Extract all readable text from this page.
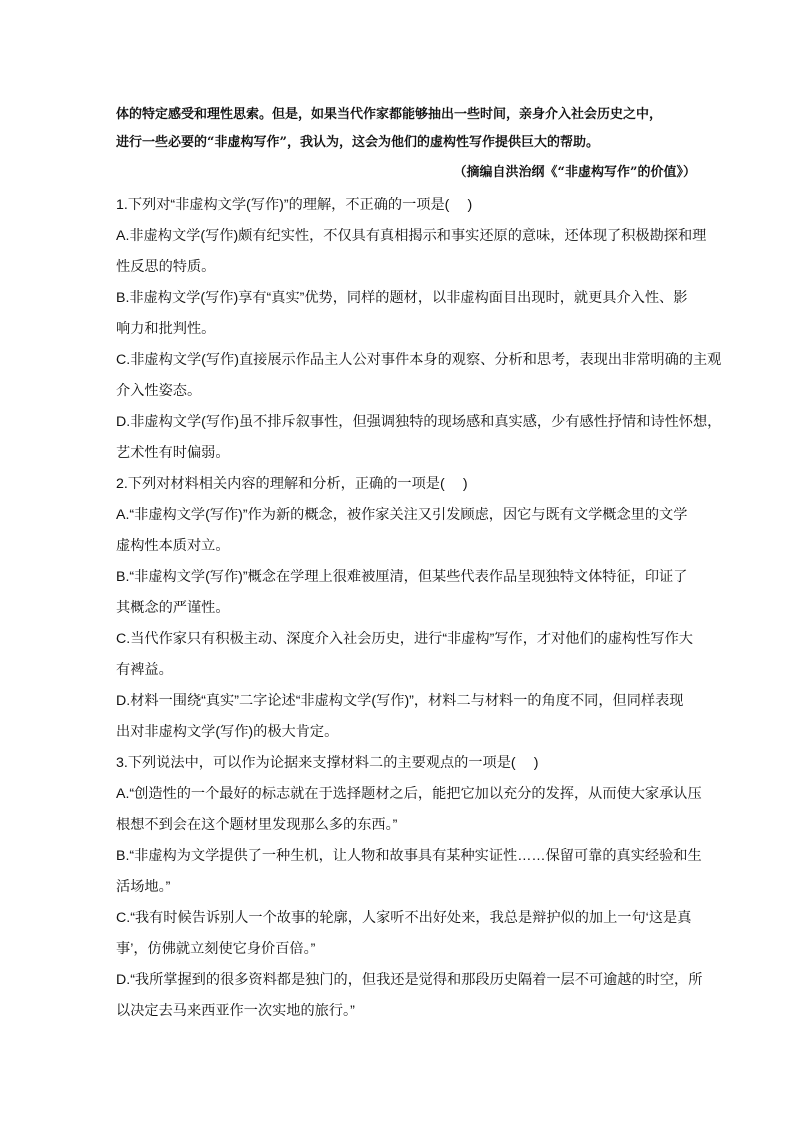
体的特定感受和理性思索。但是，如果当代作家都能够抽出一些时间，亲身介入社会历史之中，
进行一些必要的“非虚构写作”，我认为，这会为他们的虚构性写作提供巨大的帮助。
（摘编自洪治纲《“非虚构写作”的价值》）
1.下列对“非虚构文学(写作)”的理解，不正确的一项是(　 )
A.非虚构文学(写作)颇有纪实性，不仅具有真相揭示和事实还原的意味，还体现了积极勘探和理
性反思的特质。
B.非虚构文学(写作)享有“真实”优势，同样的题材，以非虚构面目出现时，就更具介入性、影
响力和批判性。
C.非虚构文学(写作)直接展示作品主人公对事件本身的观察、分析和思考，表现出非常明确的主观
介入性姿态。
D.非虚构文学(写作)虽不排斥叙事性，但强调独特的现场感和真实感，少有感性抒情和诗性怀想，
艺术性有时偏弱。
2.下列对材料相关内容的理解和分析，正确的一项是(　 )
A.“非虚构文学(写作)”作为新的概念，被作家关注又引发顾虑，因它与既有文学概念里的文学
虚构性本质对立。
B.“非虚构文学(写作)”概念在学理上很难被厘清，但某些代表作品呈现独特文体特征，印证了
其概念的严谨性。
C.当代作家只有积极主动、深度介入社会历史，进行“非虚构”写作，才对他们的虚构性写作大
有裨益。
D.材料一围绕“真实”二字论述“非虚构文学(写作)”，材料二与材料一的角度不同，但同样表现
出对非虚构文学(写作)的极大肯定。
3.下列说法中，可以作为论据来支撑材料二的主要观点的一项是(　 )
A.“创造性的一个最好的标志就在于选择题材之后，能把它加以充分的发挥，从而使大家承认压
根想不到会在这个题材里发现那么多的东西。”
B.“非虚构为文学提供了一种生机，让人物和故事具有某种实证性……保留可靠的真实经验和生
活场地。”
C.“我有时候告诉别人一个故事的轮廓，人家听不出好处来，我总是辩护似的加上一句‘这是真
事’，仿佛就立刻使它身价百倍。”
D.“我所掌握到的很多资料都是独门的，但我还是觉得和那段历史隔着一层不可逾越的时空，所
以决定去马来西亚作一次实地的旅行。”
